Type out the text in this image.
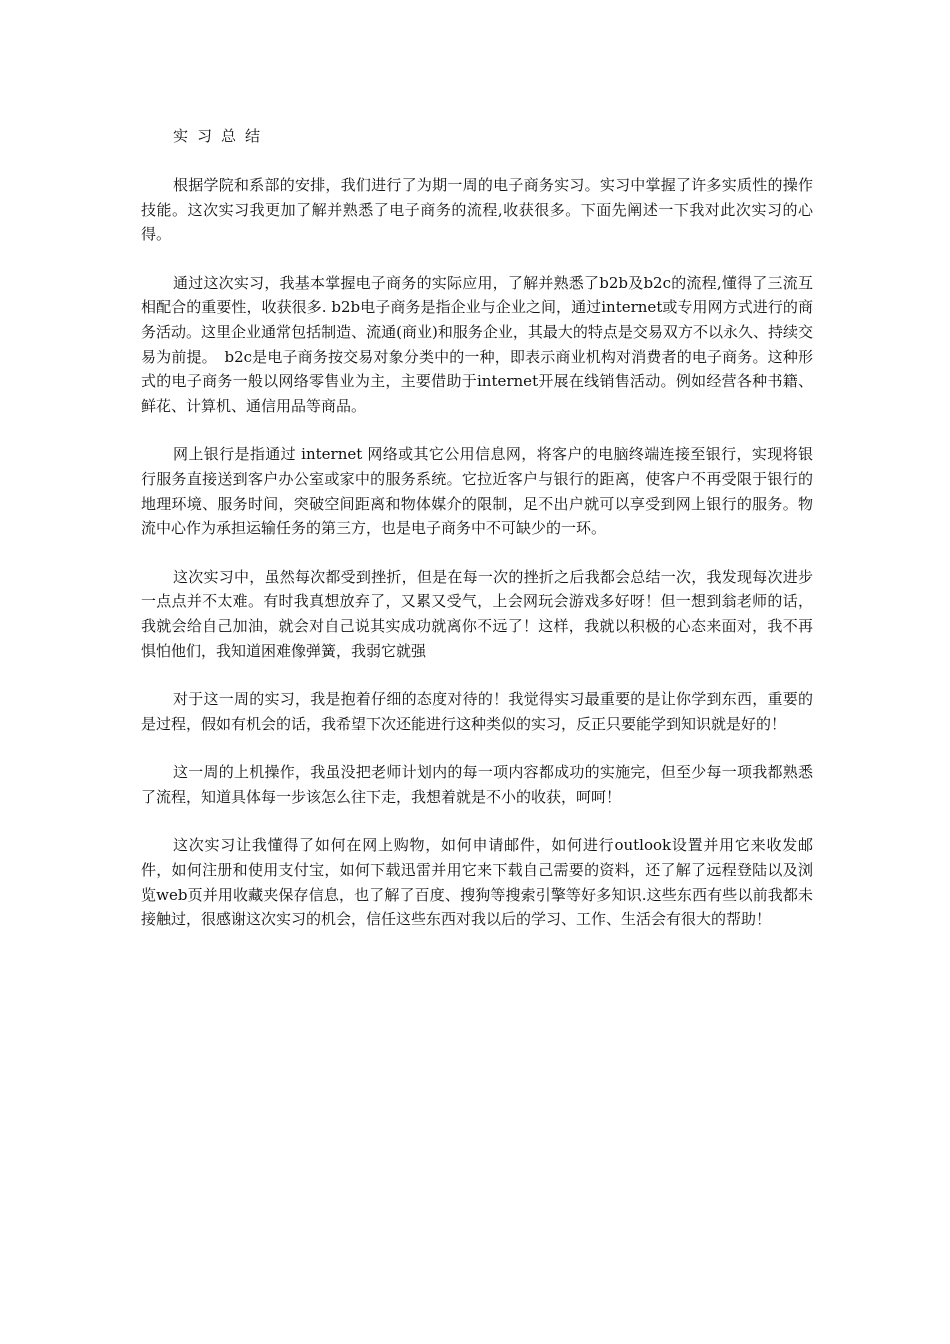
实习总结

根据学院和系部的安排，我们进行了为期一周的电子商务实习。实习中掌握了许多实质性的操作技能。这次实习我更加了解并熟悉了电子商务的流程,收获很多。下面先阐述一下我对此次实习的心得。

通过这次实习，我基本掌握电子商务的实际应用，了解并熟悉了b2b及b2c的流程,懂得了三流互相配合的重要性，收获很多. b2b电子商务是指企业与企业之间，通过internet或专用网方式进行的商务活动。这里企业通常包括制造、流通(商业)和服务企业，其最大的特点是交易双方不以永久、持续交易为前提。　b2c是电子商务按交易对象分类中的一种，即表示商业机构对消费者的电子商务。这种形式的电子商务一般以网络零售业为主，主要借助于internet开展在线销售活动。例如经营各种书籍、鲜花、计算机、通信用品等商品。

网上银行是指通过 internet 网络或其它公用信息网，将客户的电脑终端连接至银行，实现将银行服务直接送到客户办公室或家中的服务系统。它拉近客户与银行的距离，使客户不再受限于银行的地理环境、服务时间，突破空间距离和物体媒介的限制，足不出户就可以享受到网上银行的服务。物流中心作为承担运输任务的第三方，也是电子商务中不可缺少的一环。

这次实习中，虽然每次都受到挫折，但是在每一次的挫折之后我都会总结一次，我发现每次进步一点点并不太难。有时我真想放弃了，又累又受气，上会网玩会游戏多好呀！但一想到翁老师的话，我就会给自己加油，就会对自己说其实成功就离你不远了！这样，我就以积极的心态来面对，我不再惧怕他们，我知道困难像弹簧，我弱它就强

对于这一周的实习，我是抱着仔细的态度对待的！我觉得实习最重要的是让你学到东西，重要的是过程，假如有机会的话，我希望下次还能进行这种类似的实习，反正只要能学到知识就是好的！

这一周的上机操作，我虽没把老师计划内的每一项内容都成功的实施完，但至少每一项我都熟悉了流程，知道具体每一步该怎么往下走，我想着就是不小的收获，呵呵！

这次实习让我懂得了如何在网上购物，如何申请邮件，如何进行outlook设置并用它来收发邮件，如何注册和使用支付宝，如何下载迅雷并用它来下载自己需要的资料，还了解了远程登陆以及浏览web页并用收藏夹保存信息，也了解了百度、搜狗等搜索引擎等好多知识.这些东西有些以前我都未接触过，很感谢这次实习的机会，信任这些东西对我以后的学习、工作、生活会有很大的帮助！
